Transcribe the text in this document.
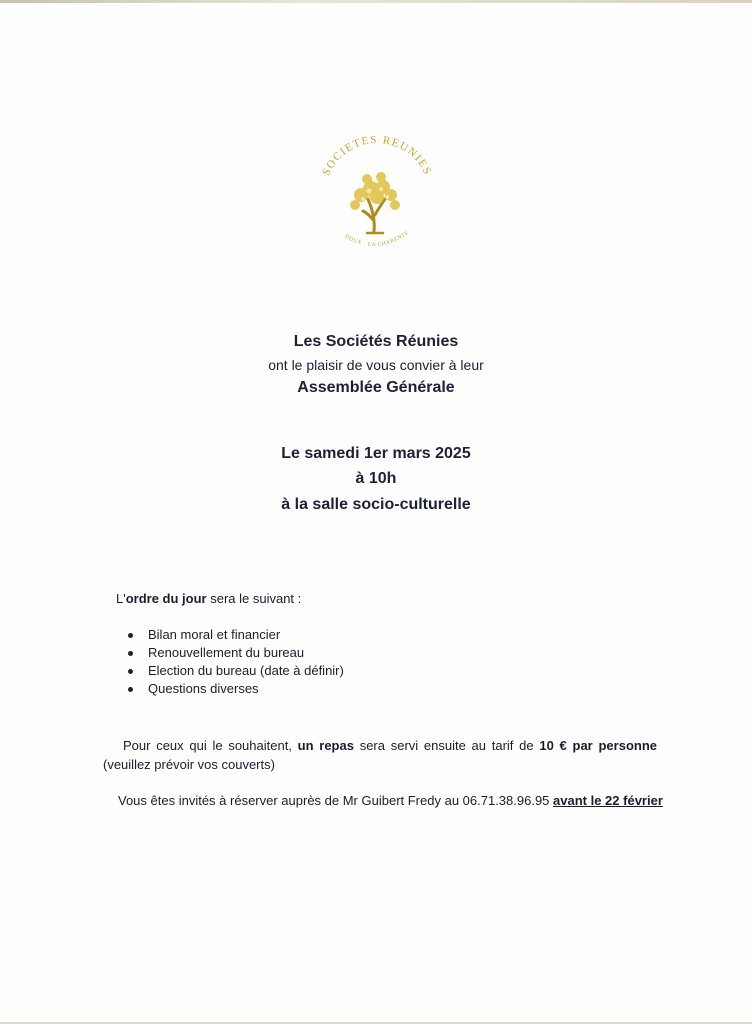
SOCIETES REUNIES
DOUX · LA CHARENTE
Les Sociétés Réunies
ont le plaisir de vous convier à leur
Assemblée Générale
Le samedi 1er mars 2025
à 10h
à la salle socio-culturelle
L'ordre du jour sera le suivant :
Bilan moral et financier
Renouvellement du bureau
Election du bureau (date à définir)
Questions diverses
Pour ceux qui le souhaitent, un repas sera servi ensuite au tarif de 10 € par personne (veuillez prévoir vos couverts)
Vous êtes invités à réserver auprès de Mr Guibert Fredy au 06.71.38.96.95 avant le 22 février
